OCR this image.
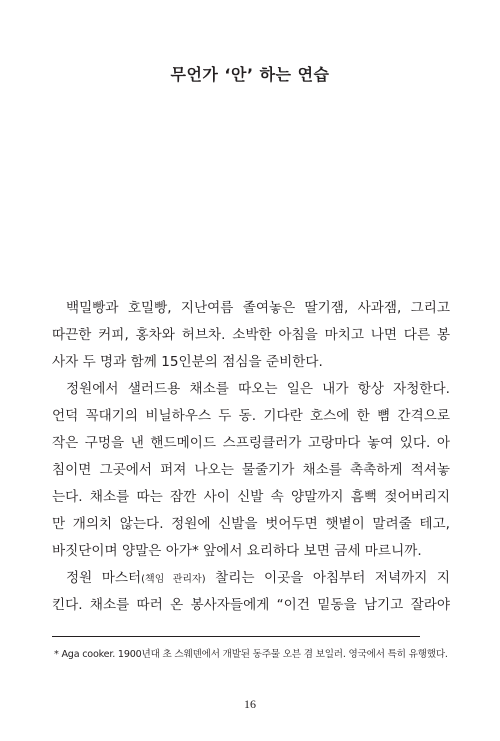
무언가 ‘안’ 하는 연습
백밀빵과 호밀빵, 지난여름 졸여놓은 딸기잼, 사과잼, 그리고
따끈한 커피, 홍차와 허브차. 소박한 아침을 마치고 나면 다른 봉
사자 두 명과 함께 15인분의 점심을 준비한다.
정원에서 샐러드용 채소를 따오는 일은 내가 항상 자청한다.
언덕 꼭대기의 비닐하우스 두 동. 기다란 호스에 한 뼘 간격으로
작은 구멍을 낸 핸드메이드 스프링클러가 고랑마다 놓여 있다. 아
침이면 그곳에서 퍼져 나오는 물줄기가 채소를 촉촉하게 적셔놓
는다. 채소를 따는 잠깐 사이 신발 속 양말까지 흠뻑 젖어버리지
만 개의치 않는다. 정원에 신발을 벗어두면 햇볕이 말려줄 테고,
바짓단이며 양말은 아가* 앞에서 요리하다 보면 금세 마르니까.
정원 마스터(책임 관리자) 찰리는 이곳을 아침부터 저녁까지 지
킨다. 채소를 따러 온 봉사자들에게 “이건 밑동을 남기고 잘라야
* Aga cooker. 1900년대 초 스웨덴에서 개발된 동주물 오븐 겸 보일러. 영국에서 특히 유행했다.
16
